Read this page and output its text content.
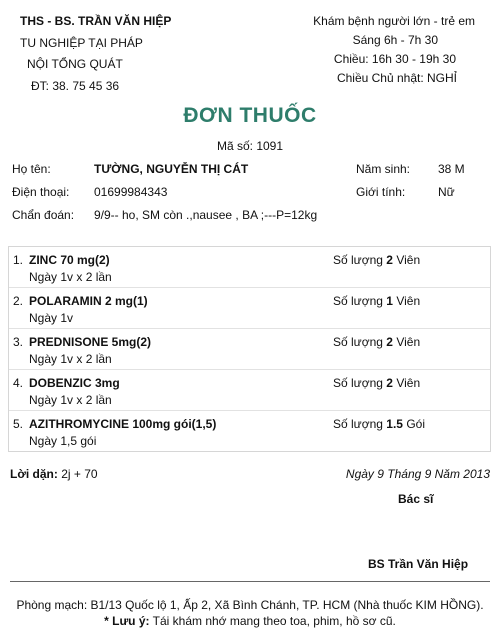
THS - BS. TRẦN VĂN HIỆP
TU NGHIỆP TẠI PHÁP
NỘI TỔNG QUÁT
ĐT: 38. 75 45 36
Khám bệnh người lớn - trẻ em
Sáng 6h - 7h 30
Chiều: 16h 30 - 19h 30
Chiều Chủ nhật: NGHỈ
ĐƠN THUỐC
Mã số: 1091
Họ tên:	TƯỜNG, NGUYỄN THỊ CÁT	Năm sinh: 38 M
Điện thoại: 01699984343	Giới tính:	Nữ
Chẩn đoán: 9/9-- ho, SM còn .,nausee , BA ;---P=12kg
1. ZINC 70 mg(2)
Ngày 1v x 2 lần
Số lượng 2 Viên
2. POLARAMIN 2 mg(1)
Ngày 1v
Số lượng 1 Viên
3. PREDNISONE 5mg(2)
Ngày 1v x 2 lần
Số lượng 2 Viên
4. DOBENZIC 3mg
Ngày 1v x 2 lần
Số lượng 2 Viên
5. AZITHROMYCINE 100mg gói(1,5)
Ngày 1,5 gói
Số lượng 1.5 Gói
Lời dặn: 2j + 70	Ngày 9 Tháng 9 Năm 2013
Bác sĩ
BS Trần Văn Hiệp
Phòng mạch: B1/13 Quốc lộ 1, Ấp 2, Xã Bình Chánh, TP. HCM (Nhà thuốc KIM HỒNG).
* Lưu ý: Tái khám nhớ mang theo toa, phim, hồ sơ cũ.
